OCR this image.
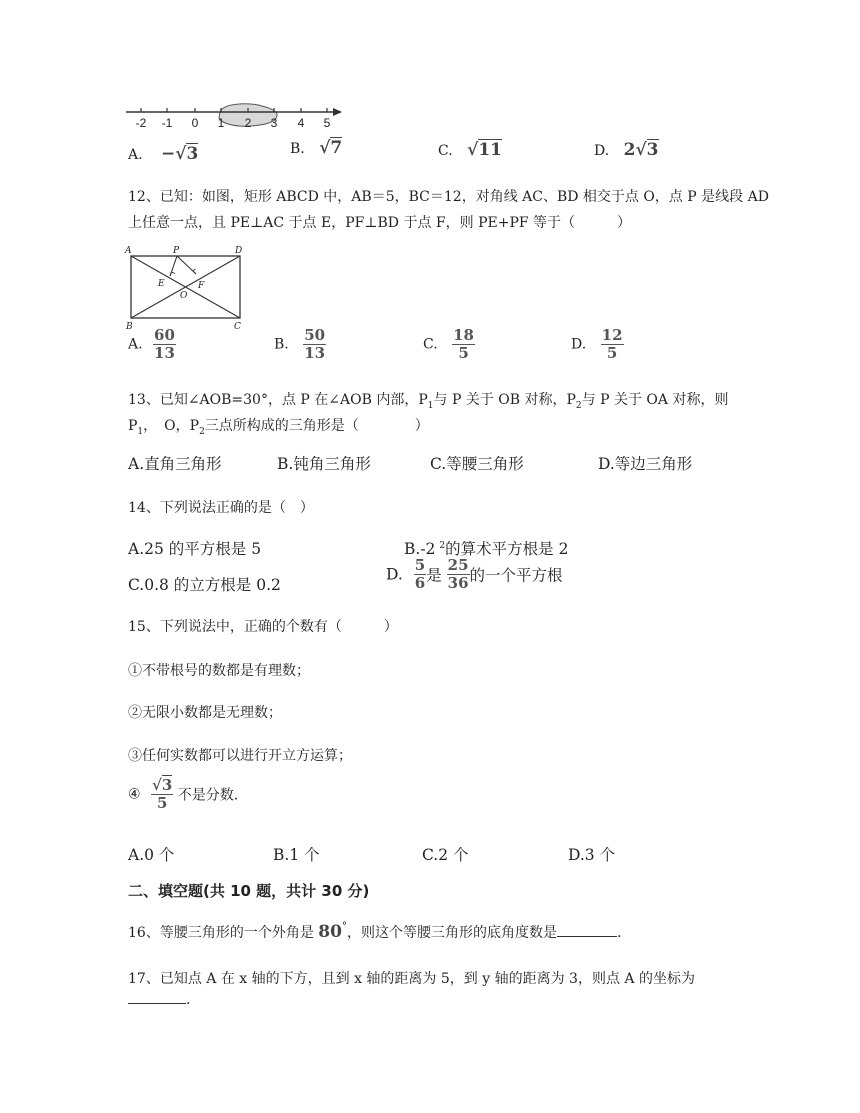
-2 -1 0 1 2 3 4 5
A. −√3	B. √7	C. √11	D. 2√3
12、已知：如图，矩形 ABCD 中，AB＝5，BC＝12，对角线 AC、BD 相交于点 O，点 P 是线段 AD
上任意一点，且 PE⊥AC 于点 E，PF⊥BD 于点 F，则 PE+PF 等于（　　　）
A	P	D
E	F
O
B	C
A. $\frac{60}{13}$	B. $\frac{50}{13}$	C. $\frac{18}{5}$	D. $\frac{12}{5}$
13、已知∠AOB=30°，点 P 在∠AOB 内部，$P_1$与 P 关于 OB 对称，$P_2$与 P 关于 OA 对称，则
$P_1$，　O，$P_2$三点所构成的三角形是（　　　　）
A.直角三角形	B.钝角三角形	C.等腰三角形	D.等边三角形
14、下列说法正确的是（　）
A.25 的平方根是 5	B.-2 $^2$的算术平方根是 2
C.0.8 的立方根是 0.2
D. $\frac{5}{6}$ 是 $\frac{25}{36}$ 的一个平方根
15、下列说法中，正确的个数有（　　　）
①不带根号的数都是有理数；
②无限小数都是无理数；
③任何实数都可以进行开立方运算；
④ $\frac{√3}{5}$ 不是分数.
A.0 个	B.1 个	C.2 个	D.3 个
二、填空题(共 10 题，共计 30 分)
16、等腰三角形的一个外角是 80°，则这个等腰三角形的底角度数是	.
17、已知点 A 在 x 轴的下方，且到 x 轴的距离为 5，到 y 轴的距离为 3，则点 A 的坐标为
.
